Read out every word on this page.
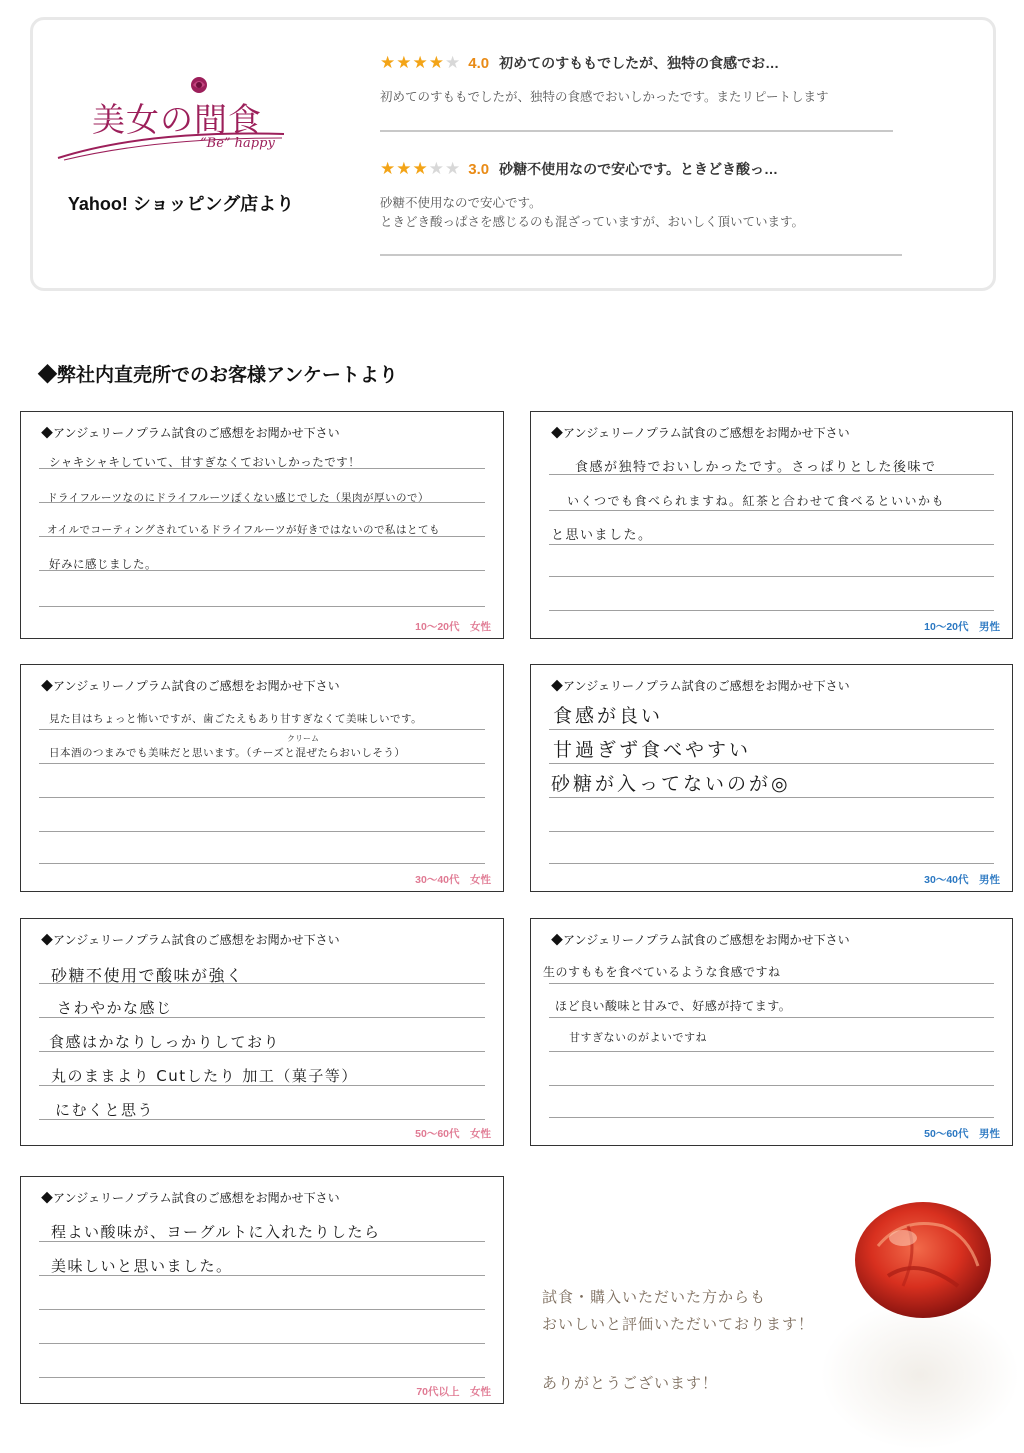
美女の間食
“Be” happy
Yahoo! ショッピング店より
★ ★ ★ ★ ★ 4.0 初めてのすももでしたが、独特の食感でお…
初めてのすももでしたが、独特の食感でおいしかったです。またリピートします
★ ★ ★ ★ ★ 3.0 砂糖不使用なので安心です。ときどき酸っ…
砂糖不使用なので安心です。
ときどき酸っぱさを感じるのも混ざっていますが、おいしく頂いています。
◆弊社内直売所でのお客様アンケートより
◆アンジェリーノプラム試食のご感想をお聞かせ下さい
シャキシャキしていて、甘すぎなくておいしかったです！
ドライフルーツなのにドライフルーツぽくない感じでした（果肉が厚いので）
オイルでコーティングされているドライフルーツが好きではないので私はとても
好みに感じました。
10～20代　女性
◆アンジェリーノプラム試食のご感想をお聞かせ下さい
食感が独特でおいしかったです。さっぱりとした後味で
いくつでも食べられますね。紅茶と合わせて食べるといいかも
と思いました。
10～20代　男性
◆アンジェリーノプラム試食のご感想をお聞かせ下さい
見た目はちょっと怖いですが、歯ごたえもあり甘すぎなくて美味しいです。
クリーム
日本酒のつまみでも美味だと思います。（チーズと混ぜたらおいしそう）
30～40代　女性
◆アンジェリーノプラム試食のご感想をお聞かせ下さい
食感が良い
甘過ぎず食べやすい
砂糖が入ってないのが◎
30～40代　男性
◆アンジェリーノプラム試食のご感想をお聞かせ下さい
砂糖不使用で酸味が強く
さわやかな感じ
食感はかなりしっかりしており
丸のままより Cutしたり 加工（菓子等）
にむくと思う
50～60代　女性
◆アンジェリーノプラム試食のご感想をお聞かせ下さい
生のすももを食べているような食感ですね
ほど良い酸味と甘みで、好感が持てます。
甘すぎないのがよいですね
50～60代　男性
◆アンジェリーノプラム試食のご感想をお聞かせ下さい
程よい酸味が、ヨーグルトに入れたりしたら
美味しいと思いました。
70代以上　女性
試食・購入いただいた方からも
おいしいと評価いただいております！
ありがとうございます！
